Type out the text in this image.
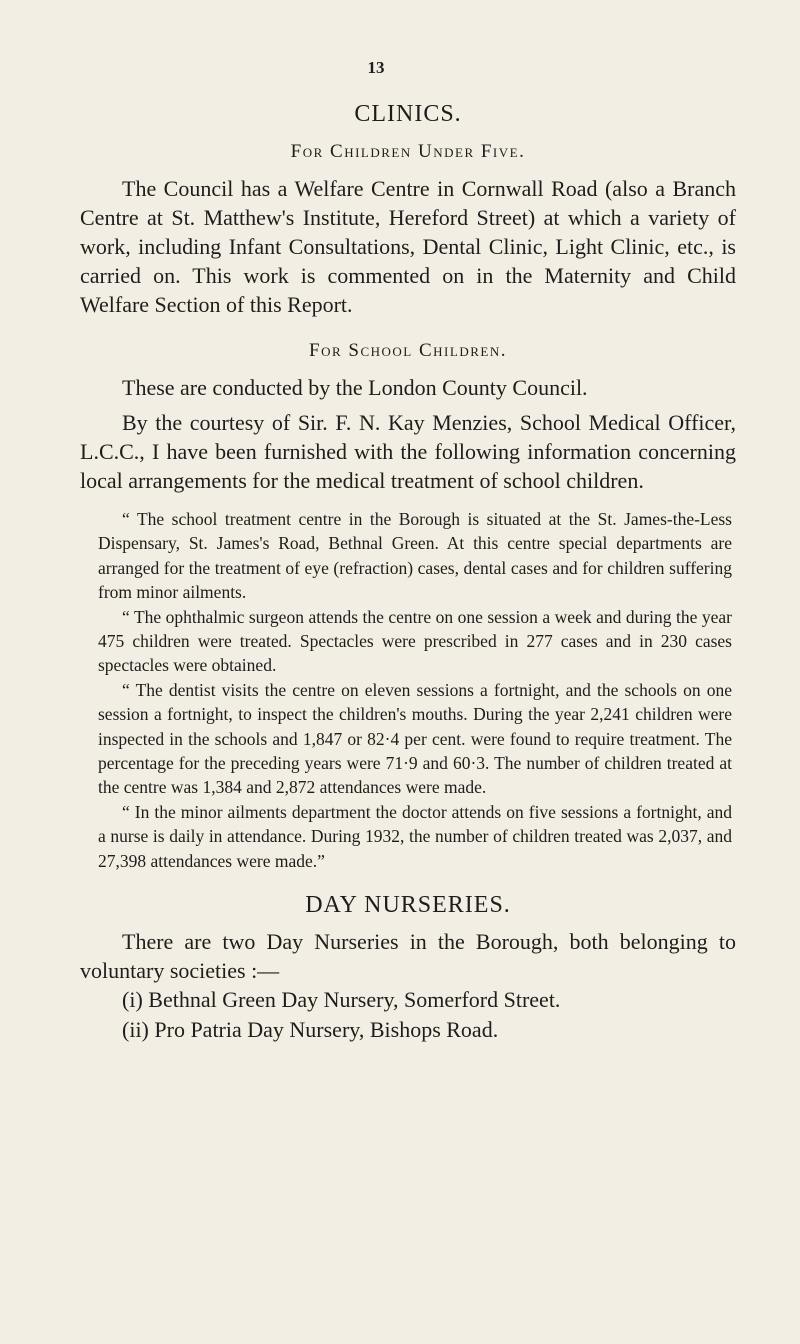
13
CLINICS.
For Children Under Five.

The Council has a Welfare Centre in Cornwall Road (also a Branch Centre at St. Matthew's Institute, Hereford Street) at which a variety of work, including Infant Consultations, Dental Clinic, Light Clinic, etc., is carried on. This work is commented on in the Maternity and Child Welfare Section of this Report.

For School Children.

These are conducted by the London County Council.

By the courtesy of Sir. F. N. Kay Menzies, School Medical Officer, L.C.C., I have been furnished with the following information concerning local arrangements for the medical treatment of school children.

“ The school treatment centre in the Borough is situated at the St. James-the-Less Dispensary, St. James's Road, Bethnal Green. At this centre special departments are arranged for the treatment of eye (refraction) cases, dental cases and for children suffering from minor ailments.

“ The ophthalmic surgeon attends the centre on one session a week and during the year 475 children were treated. Spectacles were prescribed in 277 cases and in 230 cases spectacles were obtained.

“ The dentist visits the centre on eleven sessions a fortnight, and the schools on one session a fortnight, to inspect the children's mouths. During the year 2,241 children were inspected in the schools and 1,847 or 82·4 per cent. were found to require treatment. The percentage for the preceding years were 71·9 and 60·3. The number of children treated at the centre was 1,384 and 2,872 attendances were made.

“ In the minor ailments department the doctor attends on five sessions a fortnight, and a nurse is daily in attendance. During 1932, the number of children treated was 2,037, and 27,398 attendances were made.”

DAY NURSERIES.

There are two Day Nurseries in the Borough, both belonging to voluntary societies :—

(i) Bethnal Green Day Nursery, Somerford Street.

(ii) Pro Patria Day Nursery, Bishops Road.
